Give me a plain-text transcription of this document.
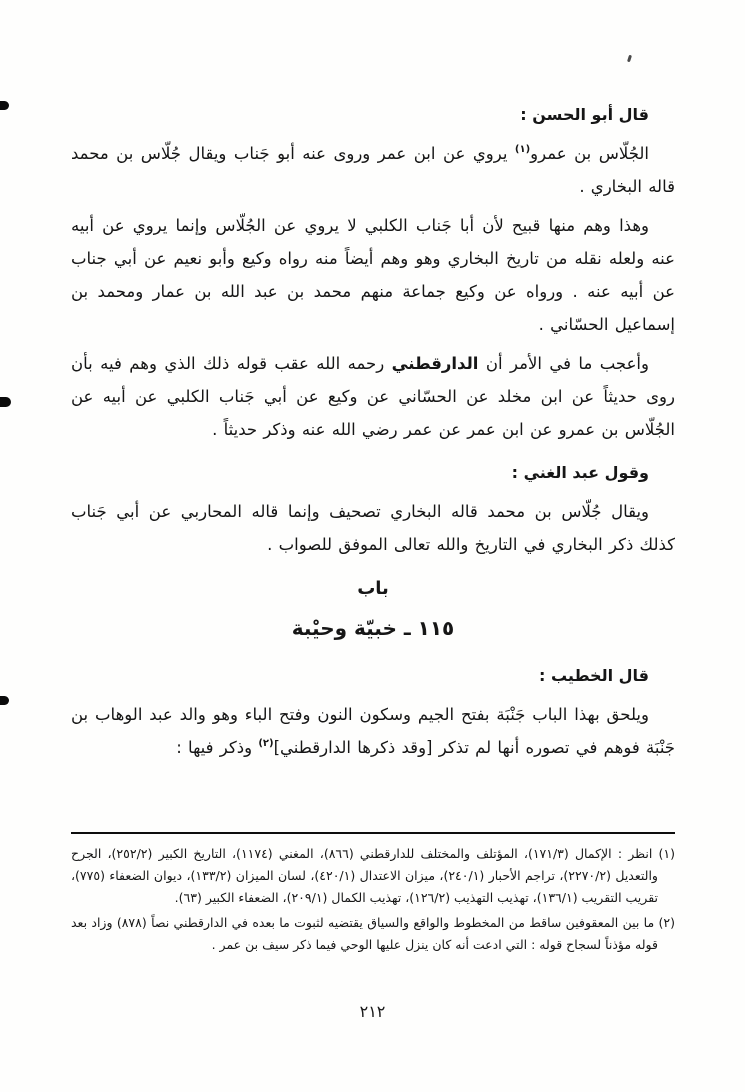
قال أبو الحسن :

الجُلّاس بن عمرو$^{(١)}$ يروي عن ابن عمر وروى عنه أبو جَناب ويقال جُلّاس بن محمد قاله البخاري .

وهذا وهم منها قبيح لأن أبا جَناب الكلبي لا يروي عن الجُلّاس وإنما يروي عن أبيه عنه ولعله نقله من تاريخ البخاري وهو وهم أيضاً منه رواه وكيع وأبو نعيم عن أبي جناب عن أبيه عنه . ورواه عن وكيع جماعة منهم محمد بن عبد الله بن عمار ومحمد بن إسماعيل الحسّاني .

وأعجب ما في الأمر أن الدارقطني رحمه الله عقب قوله ذلك الذي وهم فيه بأن روى حديثاً عن ابن مخلد عن الحسّاني عن وكيع عن أبي جَناب الكلبي عن أبيه عن الجُلّاس بن عمرو عن ابن عمر عن عمر رضي الله عنه وذكر حديثاً .

وقول عبد الغني :

ويقال جُلّاس بن محمد قاله البخاري تصحيف وإنما قاله المحاربي عن أبي جَناب كذلك ذكر البخاري في التاريخ والله تعالى الموفق للصواب .

باب

١١٥ ـ خبيّة وحيْبة

قال الخطيب :

ويلحق بهذا الباب جَنْبَة بفتح الجيم وسكون النون وفتح الباء وهو والد عبد الوهاب بن جَنْبَة فوهم في تصوره أنها لم تذكر [وقد ذكرها الدارقطني]$^{(٢)}$ وذكر فيها :

(١) انظر : الإكمال (١٧١/٣)، المؤتلف والمختلف للدارقطني (٨٦٦)، المغني (١١٧٤)، التاريخ الكبير (٢٥٢/٢)، الجرح والتعديل (٢٢٧٠/٢)، تراجم الأحبار (٢٤٠/١)، ميزان الاعتدال (٤٢٠/١)، لسان الميزان (١٣٣/٢)، ديوان الضعفاء (٧٧٥)، تقريب التقريب (١٣٦/١)، تهذيب التهذيب (١٢٦/٢)، تهذيب الكمال (٢٠٩/١)، الضعفاء الكبير (٦٣).

(٢) ما بين المعقوفين ساقط من المخطوط والواقع والسياق يقتضيه لثبوت ما بعده في الدارقطني نصاً (٨٧٨) وزاد بعد قوله مؤذناً لسجاح قوله : التي ادعت أنه كان ينزل عليها الوحي فيما ذكر سيف بن عمر .

٢١٢
